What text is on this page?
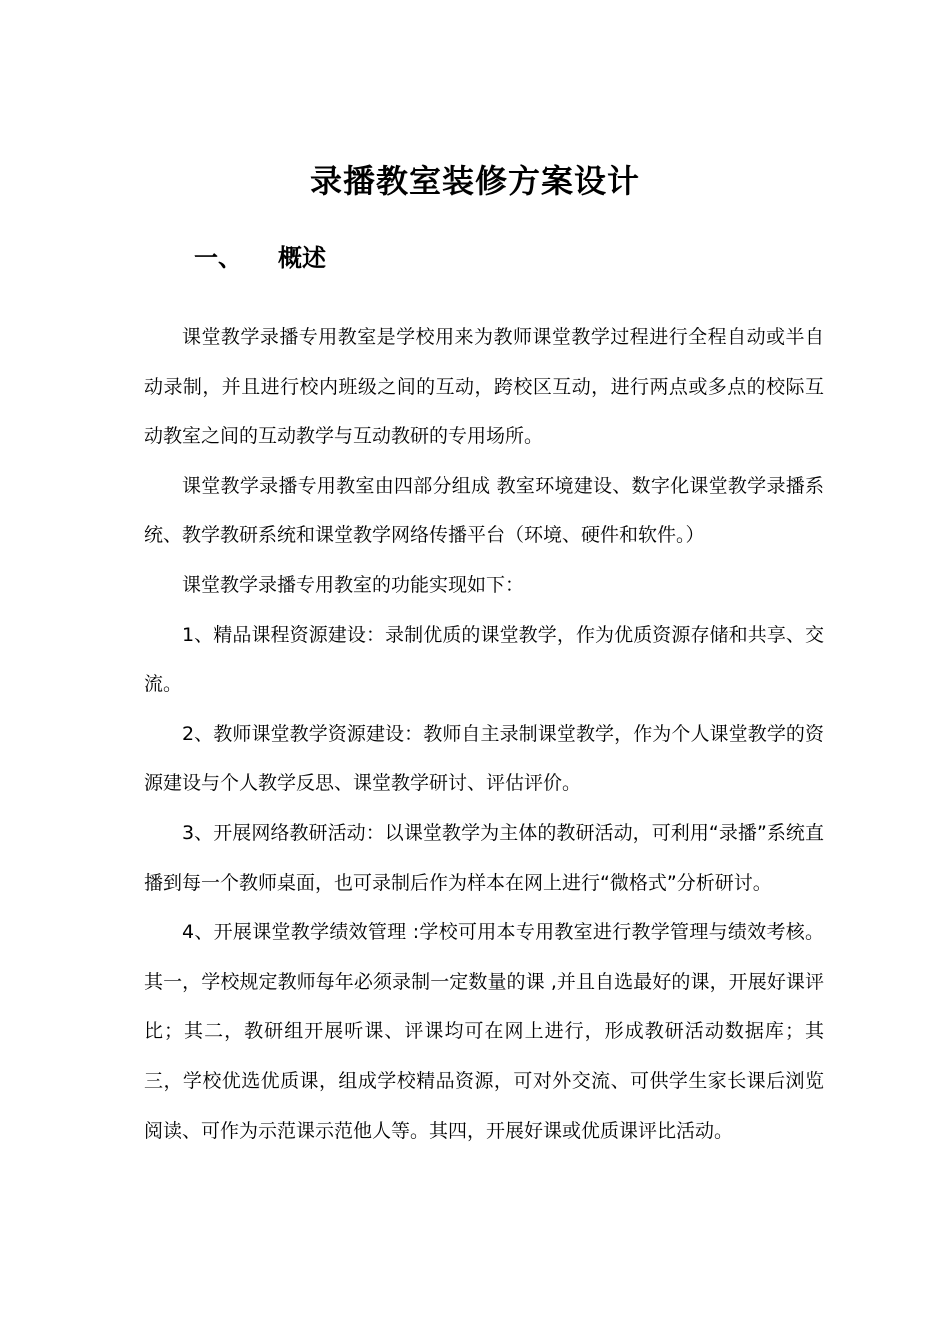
录播教室装修方案设计
一、 概述

课堂教学录播专用教室是学校用来为教师课堂教学过程进行全程自动或半自动录制，并且进行校内班级之间的互动，跨校区互动，进行两点或多点的校际互动教室之间的互动教学与互动教研的专用场所。

课堂教学录播专用教室由四部分组成 教室环境建设、数字化课堂教学录播系统、教学教研系统和课堂教学网络传播平台（环境、硬件和软件。）

课堂教学录播专用教室的功能实现如下：

1、精品课程资源建设：录制优质的课堂教学，作为优质资源存储和共享、交流。

2、教师课堂教学资源建设：教师自主录制课堂教学，作为个人课堂教学的资源建设与个人教学反思、课堂教学研讨、评估评价。

3、开展网络教研活动：以课堂教学为主体的教研活动，可利用“录播”系统直播到每一个教师桌面，也可录制后作为样本在网上进行“微格式”分析研讨。

4、开展课堂教学绩效管理 :学校可用本专用教室进行教学管理与绩效考核。其一，学校规定教师每年必须录制一定数量的课 ,并且自选最好的课，开展好课评比；其二，教研组开展听课、评课均可在网上进行，形成教研活动数据库；其三，学校优选优质课，组成学校精品资源，可对外交流、可供学生家长课后浏览阅读、可作为示范课示范他人等。其四，开展好课或优质课评比活动。
